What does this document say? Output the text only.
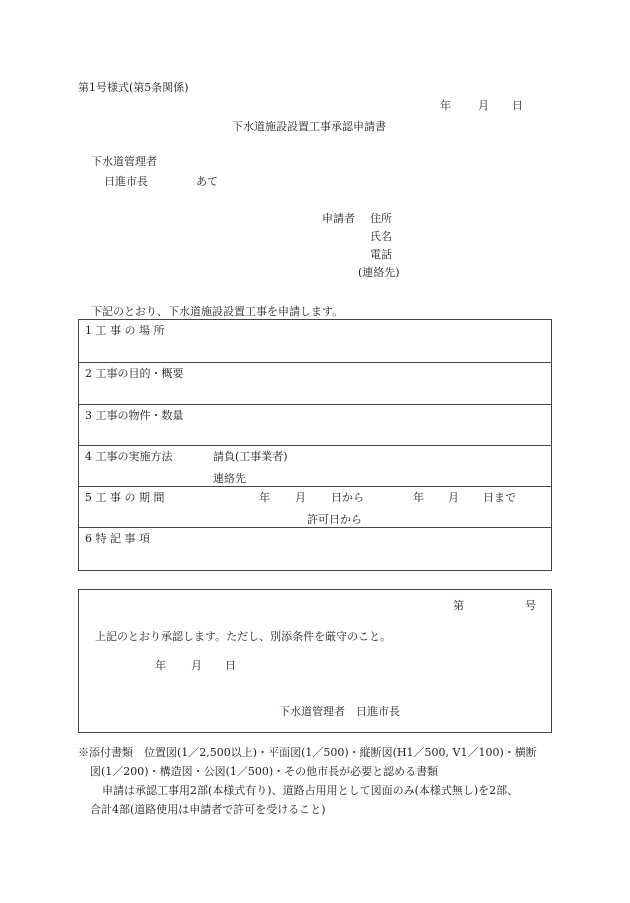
第1号様式(第5条関係)
年 月 日
下水道施設設置工事承認申請書
下水道管理者
日進市長	あて
申請者 住所
氏名
電話
(連絡先)
下記のとおり、下水道施設設置工事を申請します。
1 工 事 の 場 所
2 工事の目的・概要
3 工事の物件・数量
4 工事の実施方法	請負(工事業者)
連絡先
5 工 事 の 期 間	年 月 日から	年 月 日まで
許可日から
6 特 記 事 項
第	号
上記のとおり承認します。ただし、別添条件を厳守のこと。
年 月 日
下水道管理者　日進市長
※添付書類　位置図(1／2,500以上)・平面図(1／500)・縦断図(H1／500, V1／100)・横断
図(1／200)・構造図・公図(1／500)・その他市長が必要と認める書類
申請は承認工事用2部(本様式有り)、道路占用用として図面のみ(本様式無し)を2部、
合計4部(道路使用は申請者で許可を受けること)
